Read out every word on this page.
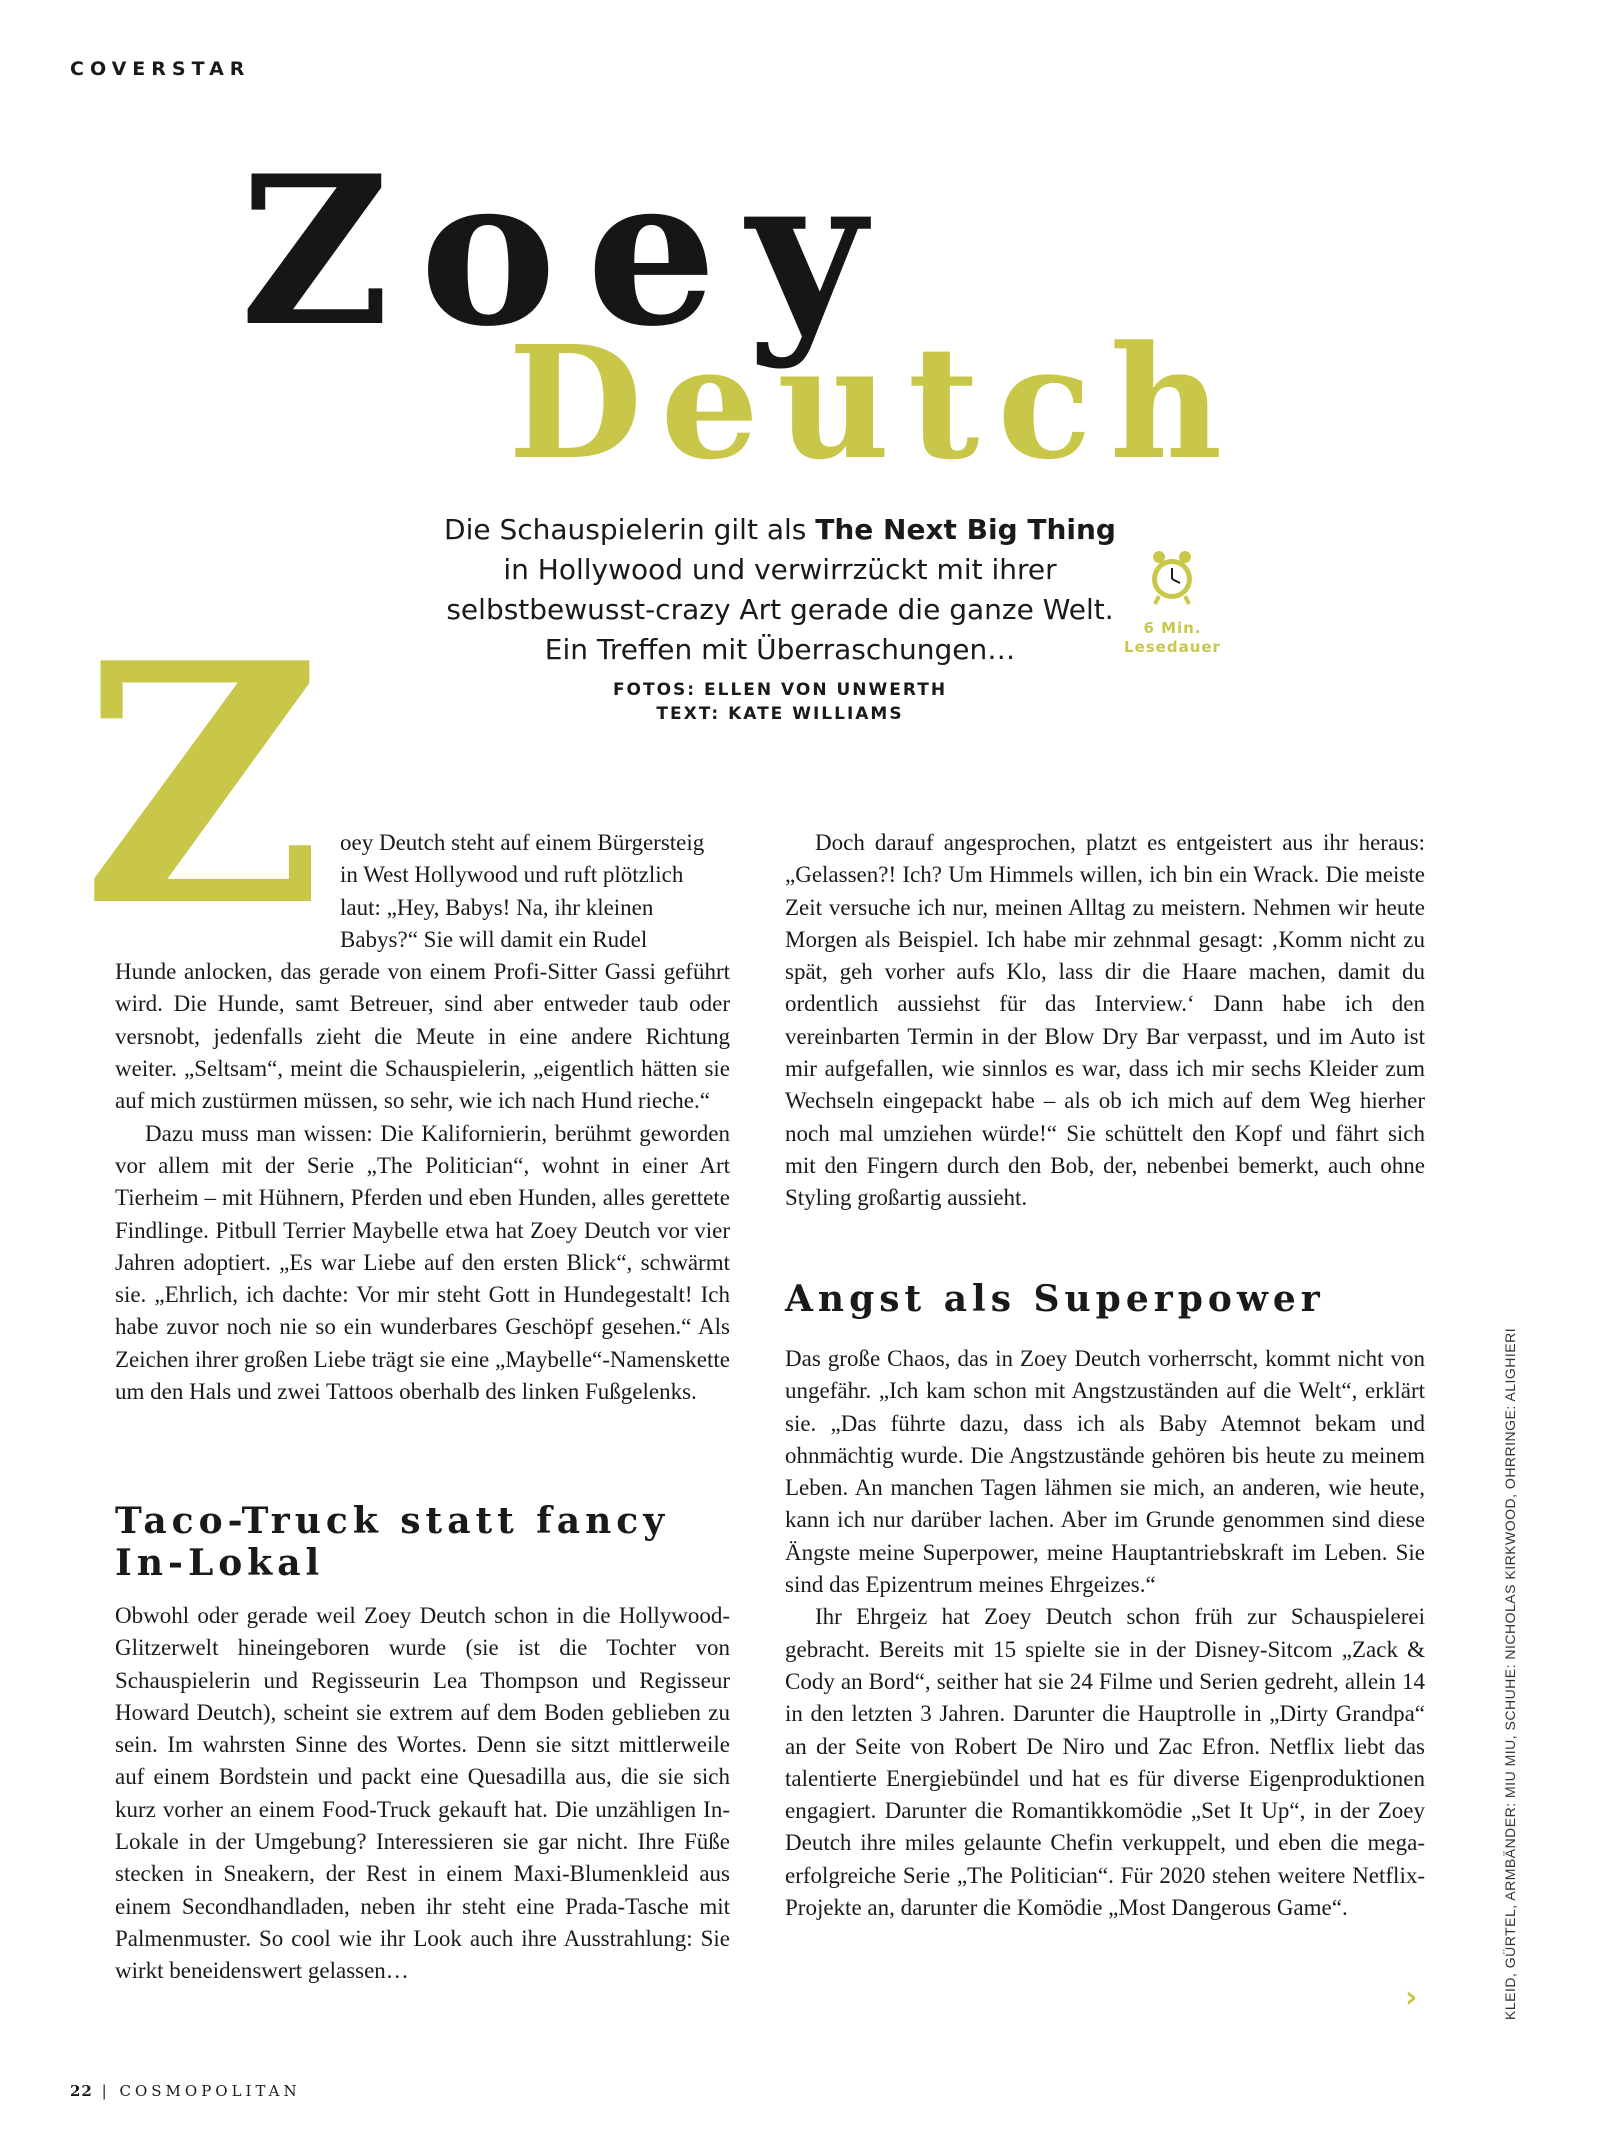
COVERSTAR
Zoey
Deutch
Die Schauspielerin gilt als The Next Big Thing in Hollywood und verwirrzückt mit ihrer selbstbewusst-crazy Art gerade die ganze Welt. Ein Treffen mit Überraschungen…
FOTOS: ELLEN VON UNWERTH
TEXT: KATE WILLIAMS
6 Min.
Lesedauer
Z oey Deutch steht auf einem Bürgersteig
in West Hollywood und ruft plötzlich
laut: „Hey, Babys! Na, ihr kleinen
Babys?“ Sie will damit ein Rudel
Hunde anlocken, das gerade von einem Profi-Sitter Gassi geführt wird. Die Hunde, samt Betreuer, sind aber entweder taub oder versnobt, jedenfalls zieht die Meute in eine andere Richtung weiter. „Seltsam“, meint die Schauspielerin, „eigentlich hätten sie auf mich zustürmen müssen, so sehr, wie ich nach Hund rieche.“

Dazu muss man wissen: Die Kalifornierin, berühmt geworden vor allem mit der Serie „The Politician“, wohnt in einer Art Tierheim – mit Hühnern, Pferden und eben Hunden, alles gerettete Findlinge. Pitbull Terrier Maybelle etwa hat Zoey Deutch vor vier Jahren adoptiert. „Es war Liebe auf den ersten Blick“, schwärmt sie. „Ehrlich, ich dachte: Vor mir steht Gott in Hundegestalt! Ich habe zuvor noch nie so ein wunderbares Geschöpf gesehen.“ Als Zeichen ihrer großen Liebe trägt sie eine „Maybelle“-Namenskette um den Hals und zwei Tattoos oberhalb des linken Fußgelenks.

Taco-Truck statt fancy In-Lokal

Obwohl oder gerade weil Zoey Deutch schon in die Hollywood-Glitzerwelt hineingeboren wurde (sie ist die Tochter von Schauspielerin und Regisseurin Lea Thompson und Regisseur Howard Deutch), scheint sie extrem auf dem Boden geblieben zu sein. Im wahrsten Sinne des Wortes. Denn sie sitzt mittlerweile auf einem Bordstein und packt eine Quesadilla aus, die sie sich kurz vorher an einem Food-Truck gekauft hat. Die unzähligen In-Lokale in der Umgebung? Interessieren sie gar nicht. Ihre Füße stecken in Sneakern, der Rest in einem Maxi-Blumenkleid aus einem Secondhandladen, neben ihr steht eine Prada-Tasche mit Palmenmuster. So cool wie ihr Look auch ihre Ausstrahlung: Sie wirkt beneidenswert gelassen…

Doch darauf angesprochen, platzt es entgeistert aus ihr heraus: „Gelassen?! Ich? Um Himmels willen, ich bin ein Wrack. Die meiste Zeit versuche ich nur, meinen Alltag zu meistern. Nehmen wir heute Morgen als Beispiel. Ich habe mir zehnmal gesagt: ‚Komm nicht zu spät, geh vorher aufs Klo, lass dir die Haare machen, damit du ordentlich aussiehst für das Interview.‘ Dann habe ich den vereinbarten Termin in der Blow Dry Bar verpasst, und im Auto ist mir aufgefallen, wie sinnlos es war, dass ich mir sechs Kleider zum Wechseln eingepackt habe – als ob ich mich auf dem Weg hierher noch mal umziehen würde!“ Sie schüttelt den Kopf und fährt sich mit den Fingern durch den Bob, der, nebenbei bemerkt, auch ohne Styling großartig aussieht.

Angst als Superpower

Das große Chaos, das in Zoey Deutch vorherrscht, kommt nicht von ungefähr. „Ich kam schon mit Angstzuständen auf die Welt“, erklärt sie. „Das führte dazu, dass ich als Baby Atemnot bekam und ohnmächtig wurde. Die Angstzustände gehören bis heute zu meinem Leben. An manchen Tagen lähmen sie mich, an anderen, wie heute, kann ich nur darüber lachen. Aber im Grunde genommen sind diese Ängste meine Superpower, meine Hauptantriebskraft im Leben. Sie sind das Epizentrum meines Ehrgeizes.“

Ihr Ehrgeiz hat Zoey Deutch schon früh zur Schauspielerei gebracht. Bereits mit 15 spielte sie in der Disney-Sitcom „Zack & Cody an Bord“, seither hat sie 24 Filme und Serien gedreht, allein 14 in den letzten 3 Jahren. Darunter die Hauptrolle in „Dirty Grandpa“ an der Seite von Robert De Niro und Zac Efron. Netflix liebt das talentierte Energiebündel und hat es für diverse Eigenproduktionen engagiert. Darunter die Romantikkomödie „Set It Up“, in der Zoey Deutch ihre miles gelaunte Chefin verkuppelt, und eben die mega-erfolgreiche Serie „The Politician“. Für 2020 stehen weitere Netflix-Projekte an, darunter die Komödie „Most Dangerous Game“.

›	KLEID, GÜRTEL, ARMBÄNDER: MIU MIU, SCHUHE: NICHOLAS KIRKWOOD, OHRRINGE: ALIGHIERI
22 | COSMOPOLITAN
